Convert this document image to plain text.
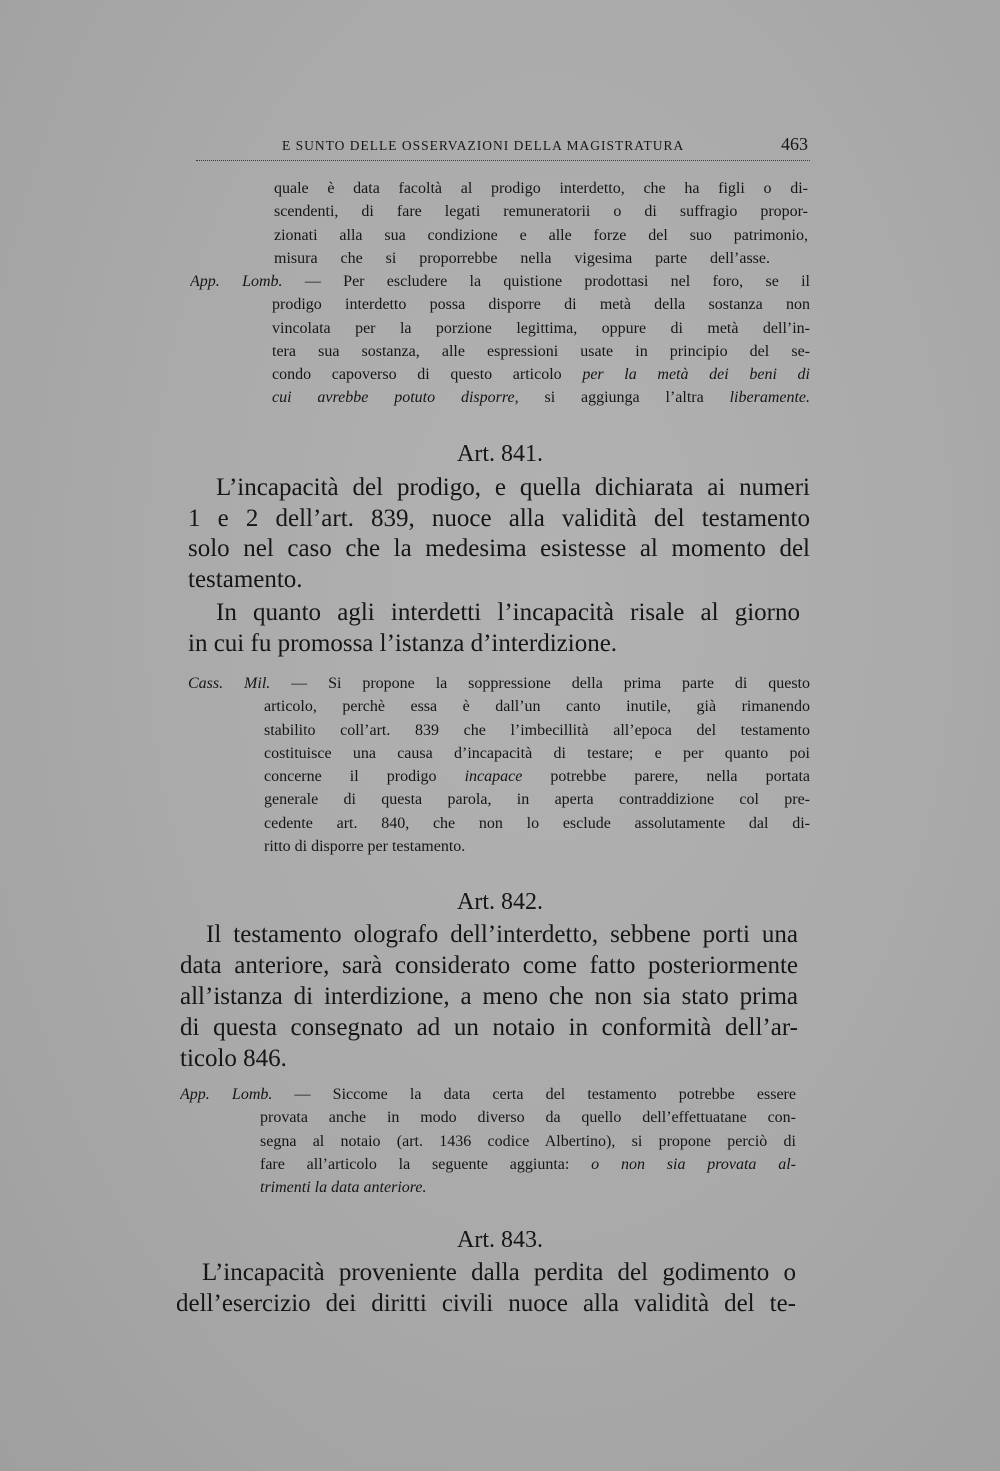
E SUNTO DELLE OSSERVAZIONI DELLA MAGISTRATURA	463
quale è data facoltà al prodigo interdetto, che ha figli o di-
scendenti, di fare legati remuneratorii o di suffragio propor-
zionati alla sua condizione e alle forze del suo patrimonio,
misura che si proporrebbe nella vigesima parte dell’asse.
App. Lomb. — Per escludere la quistione prodottasi nel foro, se il
prodigo interdetto possa disporre di metà della sostanza non
vincolata per la porzione legittima, oppure di metà dell’in-
tera sua sostanza, alle espressioni usate in principio del se-
condo capoverso di questo articolo per la metà dei beni di
cui avrebbe potuto disporre, si aggiunga l’altra liberamente.
Art. 841.
L’incapacità del prodigo, e quella dichiarata ai numeri
1 e 2 dell’art. 839, nuoce alla validità del testamento
solo nel caso che la medesima esistesse al momento del
testamento.
In quanto agli interdetti l’incapacità risale al giorno
in cui fu promossa l’istanza d’interdizione.
Cass. Mil. — Si propone la soppressione della prima parte di questo
articolo, perchè essa è dall’un canto inutile, già rimanendo
stabilito coll’art. 839 che l’imbecillità all’epoca del testamento
costituisce una causa d’incapacità di testare; e per quanto poi
concerne il prodigo incapace potrebbe parere, nella portata
generale di questa parola, in aperta contraddizione col pre-
cedente art. 840, che non lo esclude assolutamente dal di-
ritto di disporre per testamento.
Art. 842.
Il testamento olografo dell’interdetto, sebbene porti una
data anteriore, sarà considerato come fatto posteriormente
all’istanza di interdizione, a meno che non sia stato prima
di questa consegnato ad un notaio in conformità dell’ar-
ticolo 846.
App. Lomb. — Siccome la data certa del testamento potrebbe essere
provata anche in modo diverso da quello dell’effettuatane con-
segna al notaio (art. 1436 codice Albertino), si propone perciò di
fare all’articolo la seguente aggiunta: o non sia provata al-
trimenti la data anteriore.
Art. 843.
L’incapacità proveniente dalla perdita del godimento o
dell’esercizio dei diritti civili nuoce alla validità del te-
